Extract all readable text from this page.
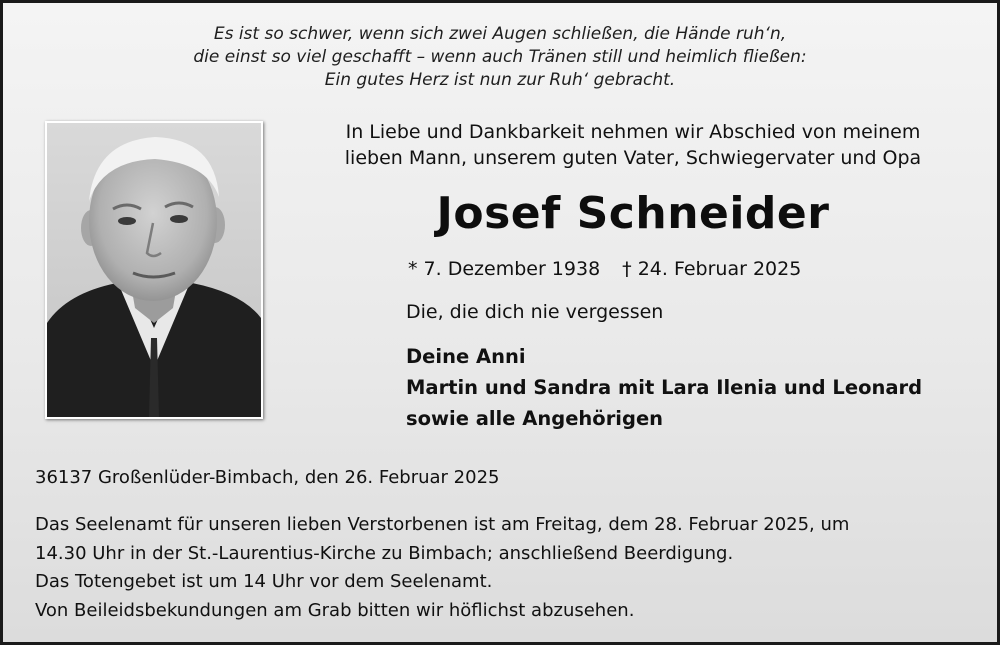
Es ist so schwer, wenn sich zwei Augen schließen, die Hände ruh‘n,
die einst so viel geschafft – wenn auch Tränen still und heimlich fließen:
Ein gutes Herz ist nun zur Ruh‘ gebracht.
In Liebe und Dankbarkeit nehmen wir Abschied von meinem
lieben Mann, unserem guten Vater, Schwiegervater und Opa
Josef Schneider
* 7. Dezember 1938 † 24. Februar 2025
Die, die dich nie vergessen
Deine Anni
Martin und Sandra mit Lara Ilenia und Leonard
sowie alle Angehörigen
36137 Großenlüder-Bimbach, den 26. Februar 2025
Das Seelenamt für unseren lieben Verstorbenen ist am Freitag, dem 28. Februar 2025, um
14.30 Uhr in der St.-Laurentius-Kirche zu Bimbach; anschließend Beerdigung.
Das Totengebet ist um 14 Uhr vor dem Seelenamt.
Von Beileidsbekundungen am Grab bitten wir höflichst abzusehen.
